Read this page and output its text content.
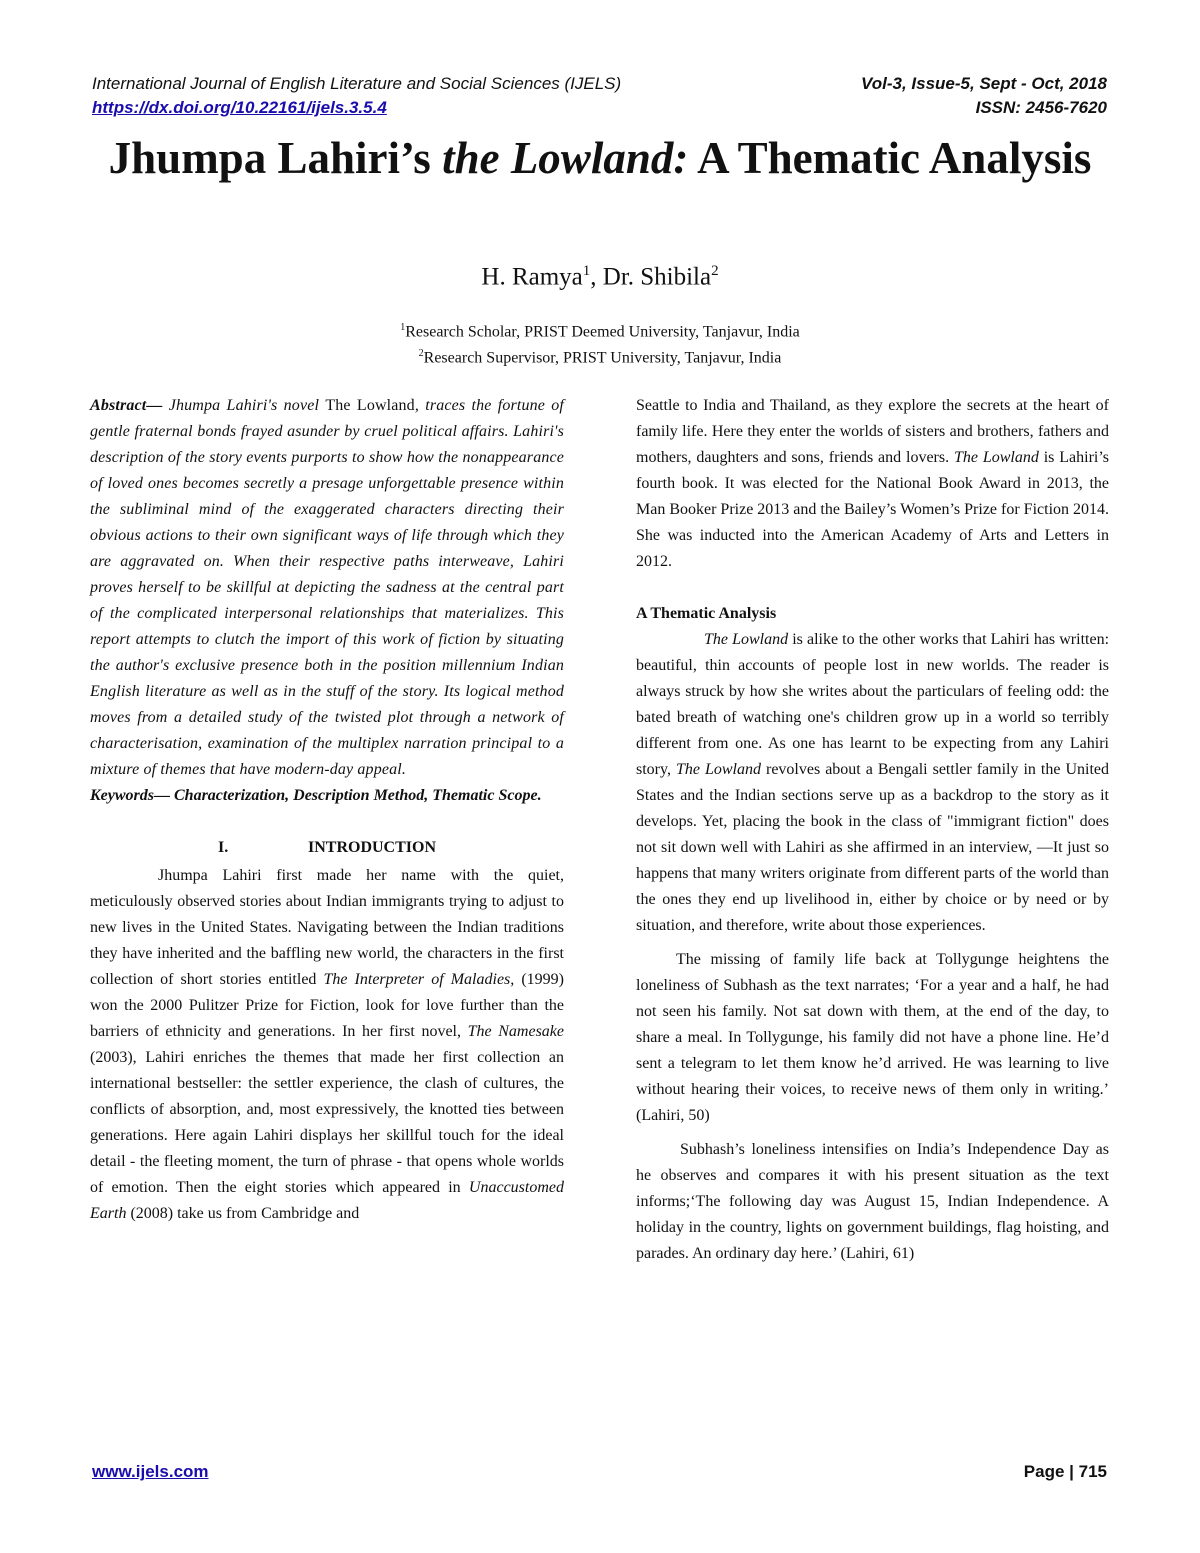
International Journal of English Literature and Social Sciences (IJELS)
https://dx.doi.org/10.22161/ijels.3.5.4
Vol-3, Issue-5, Sept - Oct, 2018
ISSN: 2456-7620
Jhumpa Lahiri’s the Lowland: A Thematic Analysis
H. Ramya$^1$, Dr. Shibila$^2$
$^1$Research Scholar, PRIST Deemed University, Tanjavur, India
$^2$Research Supervisor, PRIST University, Tanjavur, India

Abstract— Jhumpa Lahiri's novel The Lowland, traces the fortune of gentle fraternal bonds frayed asunder by cruel political affairs. Lahiri's description of the story events purports to show how the nonappearance of loved ones becomes secretly a presage unforgettable presence within the subliminal mind of the exaggerated characters directing their obvious actions to their own significant ways of life through which they are aggravated on. When their respective paths interweave, Lahiri proves herself to be skillful at depicting the sadness at the central part of the complicated interpersonal relationships that materializes. This report attempts to clutch the import of this work of fiction by situating the author's exclusive presence both in the position millennium Indian English literature as well as in the stuff of the story. Its logical method moves from a detailed study of the twisted plot through a network of characterisation, examination of the multiplex narration principal to a mixture of themes that have modern-day appeal.

Keywords— Characterization, Description Method, Thematic Scope.

I.	INTRODUCTION

Jhumpa Lahiri first made her name with the quiet, meticulously observed stories about Indian immigrants trying to adjust to new lives in the United States. Navigating between the Indian traditions they have inherited and the baffling new world, the characters in the first collection of short stories entitled The Interpreter of Maladies, (1999) won the 2000 Pulitzer Prize for Fiction, look for love further than the barriers of ethnicity and generations. In her first novel, The Namesake (2003), Lahiri enriches the themes that made her first collection an international bestseller: the settler experience, the clash of cultures, the conflicts of absorption, and, most expressively, the knotted ties between generations. Here again Lahiri displays her skillful touch for the ideal detail - the fleeting moment, the turn of phrase - that opens whole worlds of emotion. Then the eight stories which appeared in Unaccustomed Earth (2008) take us from Cambridge and

Seattle to India and Thailand, as they explore the secrets at the heart of family life. Here they enter the worlds of sisters and brothers, fathers and mothers, daughters and sons, friends and lovers. The Lowland is Lahiri’s fourth book. It was elected for the National Book Award in 2013, the Man Booker Prize 2013 and the Bailey’s Women’s Prize for Fiction 2014. She was inducted into the American Academy of Arts and Letters in 2012.

A Thematic Analysis

The Lowland is alike to the other works that Lahiri has written: beautiful, thin accounts of people lost in new worlds. The reader is always struck by how she writes about the particulars of feeling odd: the bated breath of watching one's children grow up in a world so terribly different from one. As one has learnt to be expecting from any Lahiri story, The Lowland revolves about a Bengali settler family in the United States and the Indian sections serve up as a backdrop to the story as it develops. Yet, placing the book in the class of "immigrant fiction" does not sit down well with Lahiri as she affirmed in an interview, ―It just so happens that many writers originate from different parts of the world than the ones they end up livelihood in, either by choice or by need or by situation, and therefore, write about those experiences.

The missing of family life back at Tollygunge heightens the loneliness of Subhash as the text narrates; ‘For a year and a half, he had not seen his family. Not sat down with them, at the end of the day, to share a meal. In Tollygunge, his family did not have a phone line. He’d sent a telegram to let them know he’d arrived. He was learning to live without hearing their voices, to receive news of them only in writing.’ (Lahiri, 50)

Subhash’s loneliness intensifies on India’s Independence Day as he observes and compares it with his present situation as the text informs;‘The following day was August 15, Indian Independence. A holiday in the country, lights on government buildings, flag hoisting, and parades. An ordinary day here.’ (Lahiri, 61)

www.ijels.com	Page | 715
